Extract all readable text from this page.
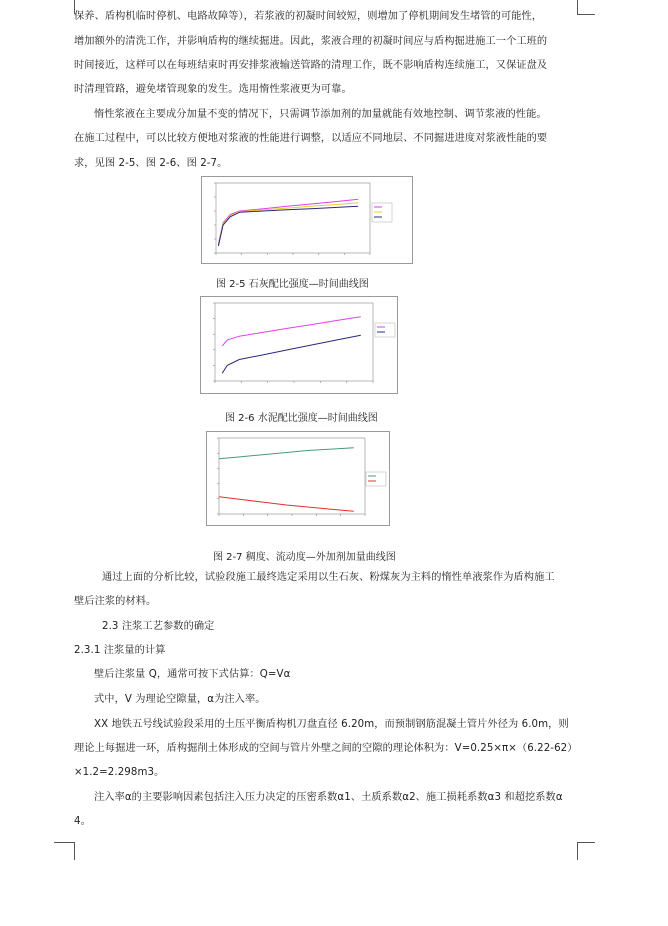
保养、盾构机临时停机、电路故障等），若浆液的初凝时间较短，则增加了停机期间发生堵管的可能性，
增加额外的清洗工作，并影响盾构的继续掘进。因此，浆液合理的初凝时间应与盾构掘进施工一个工班的
时间接近，这样可以在每班结束时再安排浆液输送管路的清理工作，既不影响盾构连续施工，又保证盘及
时清理管路，避免堵管现象的发生。选用惰性浆液更为可靠。
惰性浆液在主要成分加量不变的情况下，只需调节添加剂的加量就能有效地控制、调节浆液的性能。
在施工过程中，可以比较方便地对浆液的性能进行调整，以适应不同地层、不同掘进进度对浆液性能的要
求，见图 2-5、图 2-6、图 2-7。
图 2-5 石灰配比强度—时间曲线图
图 2-6 水泥配比强度—时间曲线图
图 2-7 稠度、流动度—外加剂加量曲线图
通过上面的分析比较，试验段施工最终选定采用以生石灰、粉煤灰为主料的惰性单液浆作为盾构施工
壁后注浆的材料。
2.3 注浆工艺参数的确定
2.3.1 注浆量的计算
壁后注浆量 Q，通常可按下式估算：Q=Vα
式中，V 为理论空隙量，α为注入率。
XX 地铁五号线试验段采用的土压平衡盾构机刀盘直径 6.20m，而预制钢筋混凝土管片外径为 6.0m，则
理论上每掘进一环，盾构掘削土体形成的空间与管片外壁之间的空隙的理论体积为：V=0.25×π×（6.22-62）
×1.2=2.298m3。
注入率α的主要影响因素包括注入压力决定的压密系数α1、土质系数α2、施工损耗系数α3 和超挖系数α
4。
